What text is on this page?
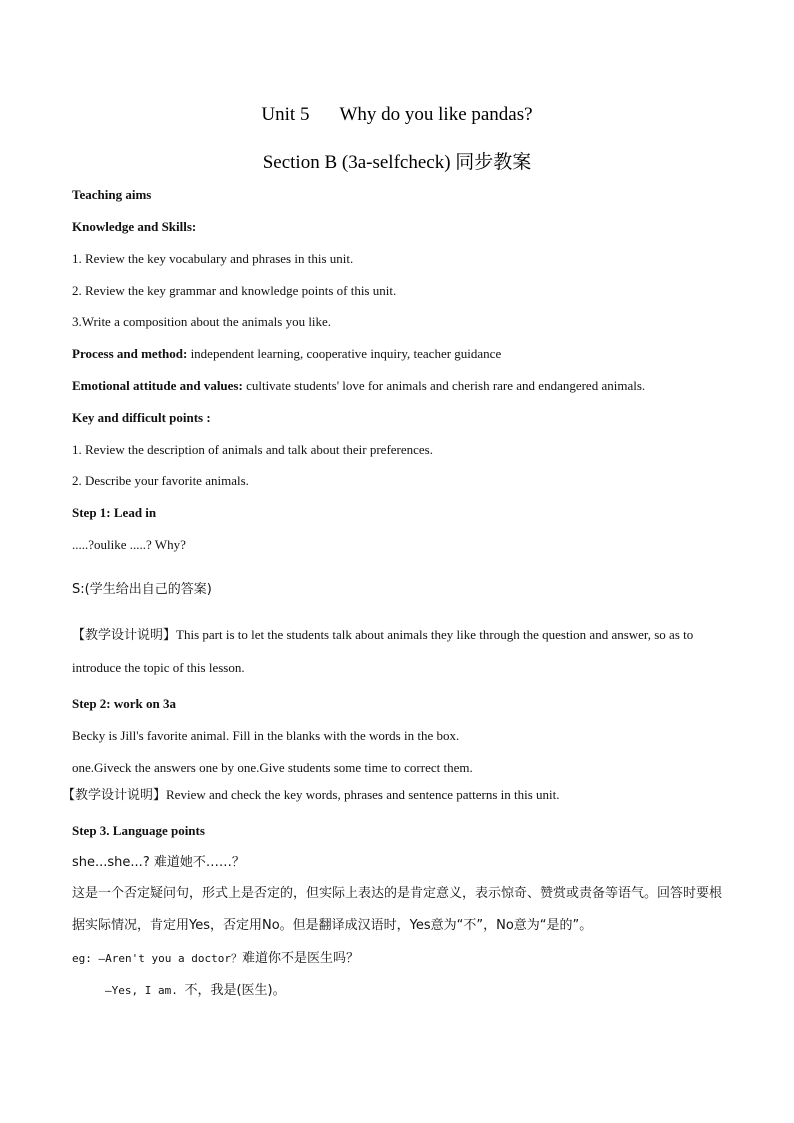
Unit 5 Why do you like pandas?
Section B (3a-selfcheck) 同步教案
Teaching aims
Knowledge and Skills:
1. Review the key vocabulary and phrases in this unit.
2. Review the key grammar and knowledge points of this unit.
3.Write a composition about the animals you like.
Process and method: independent learning, cooperative inquiry, teacher guidance
Emotional attitude and values: cultivate students' love for animals and cherish rare and endangered animals.
Key and difficult points :
1. Review the description of animals and talk about their preferences.
2. Describe your favorite animals.
Step 1: Lead in
.....?oulike .....? Why?
S:(学生给出自己的答案)
【教学设计说明】This part is to let the students talk about animals they like through the question and answer, so as to introduce the topic of this lesson.
Step 2: work on 3a
Becky is Jill's favorite animal. Fill in the blanks with the words in the box.
one.Giveck the answers one by one.Give students some time to correct them.
【教学设计说明】Review and check the key words, phrases and sentence patterns in this unit.
Step 3. Language points
she...she...? 难道她不……？
这是一个否定疑问句，形式上是否定的，但实际上表达的是肯定意义，表示惊奇、赞赏或责备等语气。回答时要根据实际情况，肯定用Yes，否定用No。但是翻译成汉语时，Yes意为“不”，No意为“是的”。
eg: —Aren't you a doctor？难道你不是医生吗？
—Yes, I am. 不，我是(医生)。
